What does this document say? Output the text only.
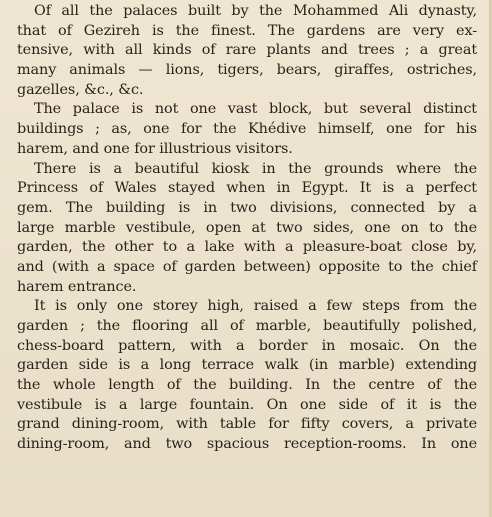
Of all the palaces built by the Mohammed Ali dynasty,
that of Gezireh is the finest. The gardens are very ex-
tensive, with all kinds of rare plants and trees ; a great
many animals — lions, tigers, bears, giraffes, ostriches,
gazelles, &c., &c.
The palace is not one vast block, but several distinct
buildings ; as, one for the Khédive himself, one for his
harem, and one for illustrious visitors.
There is a beautiful kiosk in the grounds where the
Princess of Wales stayed when in Egypt. It is a perfect
gem. The building is in two divisions, connected by a
large marble vestibule, open at two sides, one on to the
garden, the other to a lake with a pleasure-boat close by,
and (with a space of garden between) opposite to the chief
harem entrance.
It is only one storey high, raised a few steps from the
garden ; the flooring all of marble, beautifully polished,
chess-board pattern, with a border in mosaic. On the
garden side is a long terrace walk (in marble) extending
the whole length of the building. In the centre of the
vestibule is a large fountain. On one side of it is the
grand dining-room, with table for fifty covers, a private
dining-room, and two spacious reception-rooms. In one
